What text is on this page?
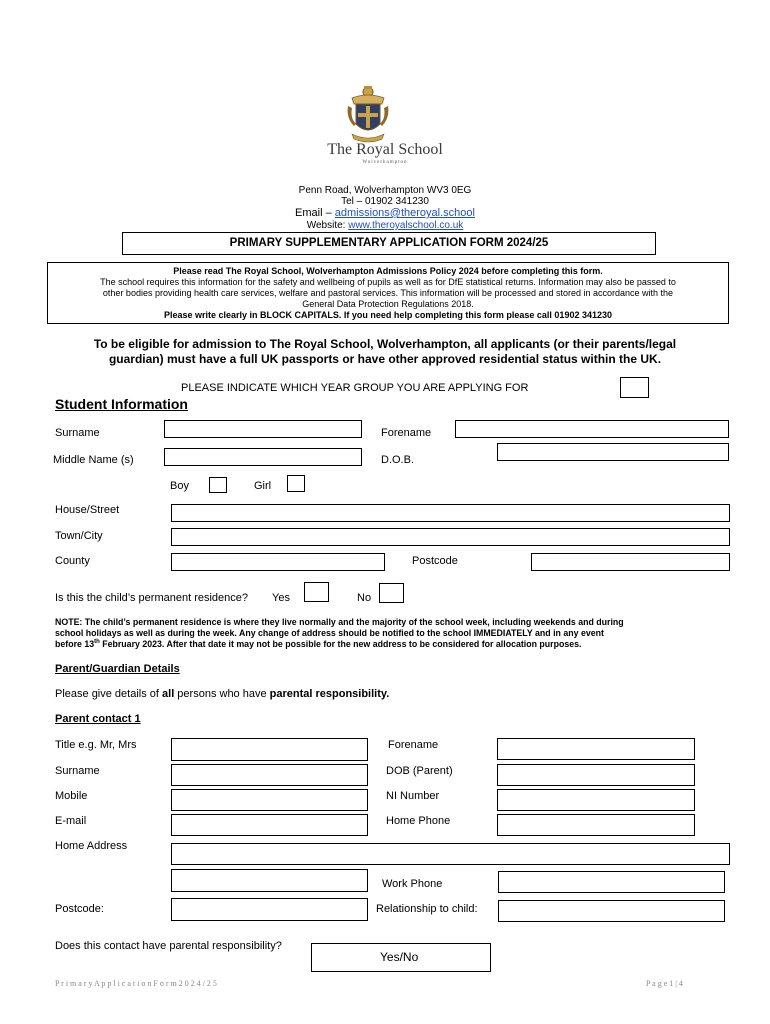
The Royal School
Wolverhampton
Penn Road, Wolverhampton WV3 0EG
Tel – 01902 341230
Email – admissions@theroyal.school
Website: www.theroyalschool.co.uk
PRIMARY SUPPLEMENTARY APPLICATION FORM 2024/25
Please read The Royal School, Wolverhampton Admissions Policy 2024 before completing this form.
The school requires this information for the safety and wellbeing of pupils as well as for DfE statistical returns. Information may also be passed to
other bodies providing health care services, welfare and pastoral services. This information will be processed and stored in accordance with the
General Data Protection Regulations 2018.
Please write clearly in BLOCK CAPITALS. If you need help completing this form please call 01902 341230
To be eligible for admission to The Royal School, Wolverhampton, all applicants (or their parents/legal
guardian) must have a full UK passports or have other approved residential status within the UK.
PLEASE INDICATE WHICH YEAR GROUP YOU ARE APPLYING FOR
Student Information
Surname	Forename
Middle Name (s)	D.O.B.
Boy	Girl
House/Street
Town/City
County	Postcode
Is this the child’s permanent residence? Yes	No
NOTE: The child’s permanent residence is where they live normally and the majority of the school week, including weekends and during
school holidays as well as during the week. Any change of address should be notified to the school IMMEDIATELY and in any event
before 13th February 2023. After that date it may not be possible for the new address to be considered for allocation purposes.
Parent/Guardian Details
Please give details of all persons who have parental responsibility.
Parent contact 1
Title e.g. Mr, Mrs	Forename
Surname	DOB (Parent)
Mobile	NI Number
E-mail	Home Phone
Home Address
Work Phone
Postcode:	Relationship to child:
Does this contact have parental responsibility?
Yes/No
P r i m a r y A p p l i c a t i o n F o r m 2 0 2 4 / 2 5	P a g e 1 | 4
